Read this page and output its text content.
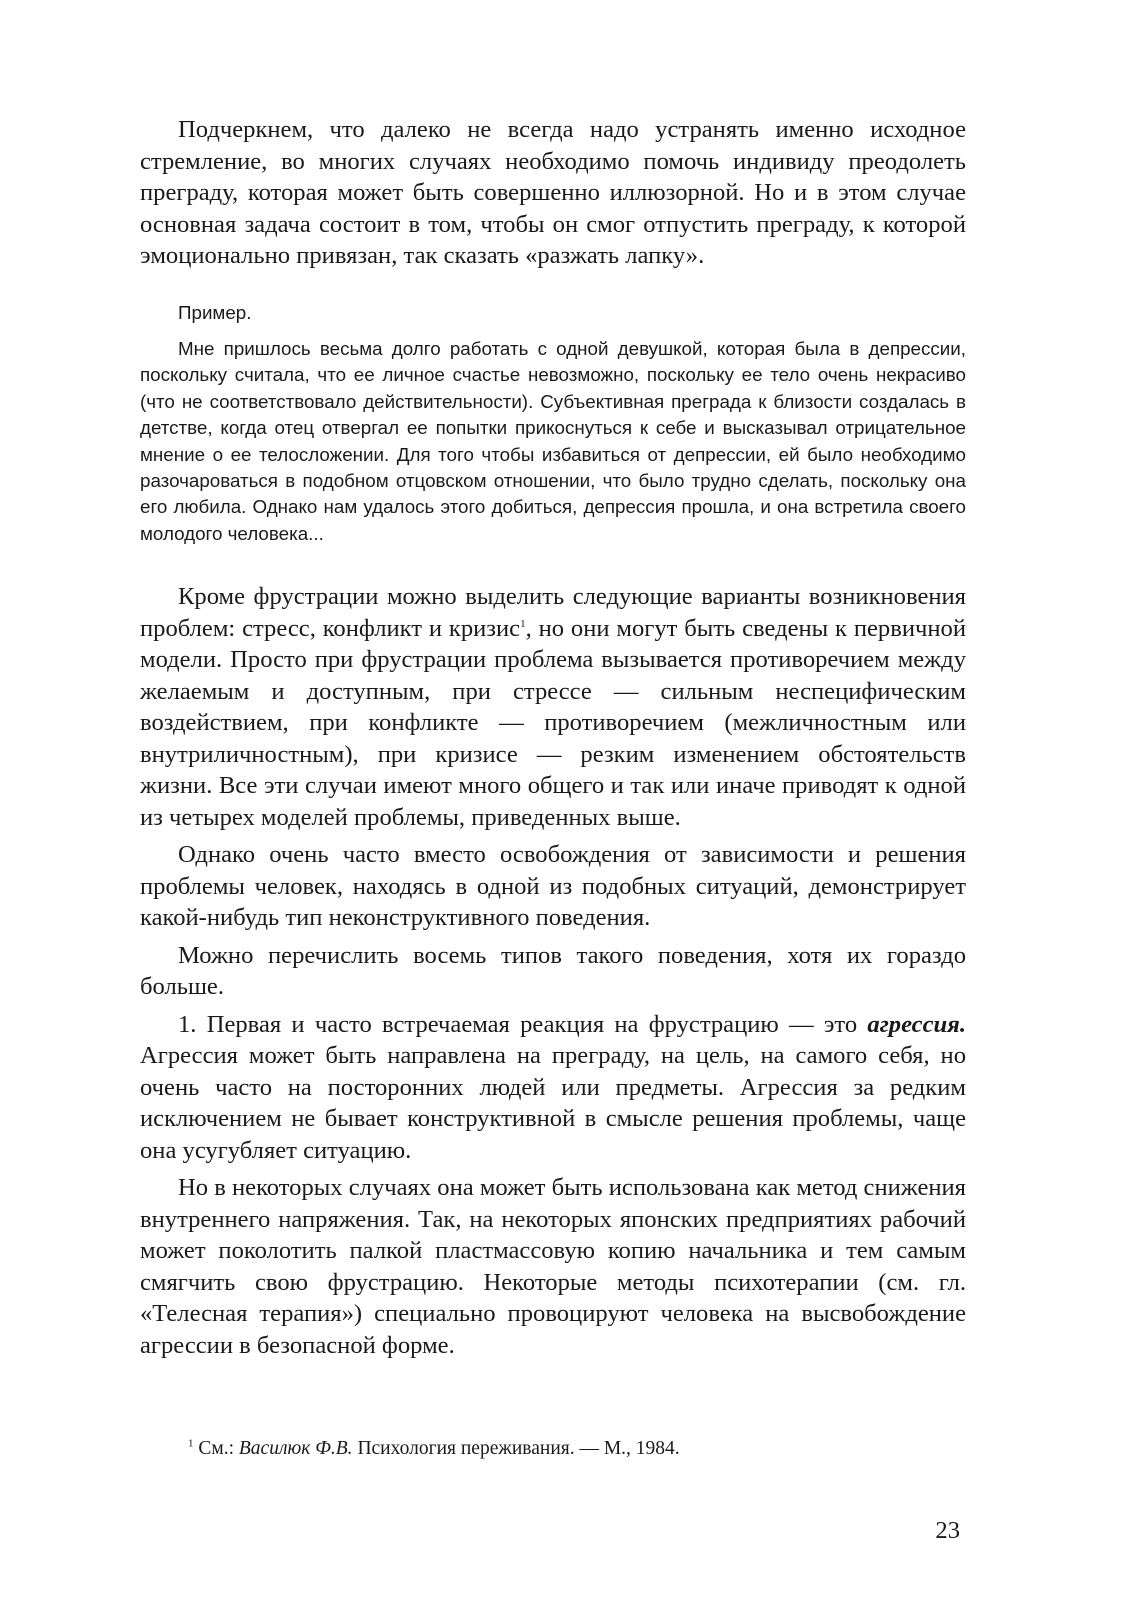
Подчеркнем, что далеко не всегда надо устранять именно исходное стремление, во многих случаях необходимо помочь индивиду преодолеть преграду, которая может быть совершенно иллюзорной. Но и в этом случае основная задача состоит в том, чтобы он смог отпустить преграду, к которой эмоционально привязан, так сказать «разжать лапку».

Пример.

Мне пришлось весьма долго работать с одной девушкой, которая была в депрессии, поскольку считала, что ее личное счастье невозможно, поскольку ее тело очень некрасиво (что не соответствовало действительности). Субъективная преграда к близости создалась в детстве, когда отец отвергал ее попытки прикоснуться к себе и высказывал отрицательное мнение о ее телосложении. Для того чтобы избавиться от депрессии, ей было необходимо разочароваться в подобном отцовском отношении, что было трудно сделать, поскольку она его любила. Однако нам удалось этого добиться, депрессия прошла, и она встретила своего молодого человека...

Кроме фрустрации можно выделить следующие варианты возникновения проблем: стресс, конфликт и кризис$^1$, но они могут быть сведены к первичной модели. Просто при фрустрации проблема вызывается противоречием между желаемым и доступным, при стрессе — сильным неспецифическим воздействием, при конфликте — противоречием (межличностным или внутриличностным), при кризисе — резким изменением обстоятельств жизни. Все эти случаи имеют много общего и так или иначе приводят к одной из четырех моделей проблемы, приведенных выше.

Однако очень часто вместо освобождения от зависимости и решения проблемы человек, находясь в одной из подобных ситуаций, демонстрирует какой-нибудь тип неконструктивного поведения.

Можно перечислить восемь типов такого поведения, хотя их гораздо больше.

1. Первая и часто встречаемая реакция на фрустрацию — это агрессия. Агрессия может быть направлена на преграду, на цель, на самого себя, но очень часто на посторонних людей или предметы. Агрессия за редким исключением не бывает конструктивной в смысле решения проблемы, чаще она усугубляет ситуацию.

Но в некоторых случаях она может быть использована как метод снижения внутреннего напряжения. Так, на некоторых японских предприятиях рабочий может поколотить палкой пластмассовую копию начальника и тем самым смягчить свою фрустрацию. Некоторые методы психотерапии (см. гл. «Телесная терапия») специально провоцируют человека на высвобождение агрессии в безопасной форме.

$^1$ См.: Василюк Ф.В. Психология переживания. — М., 1984.
23
